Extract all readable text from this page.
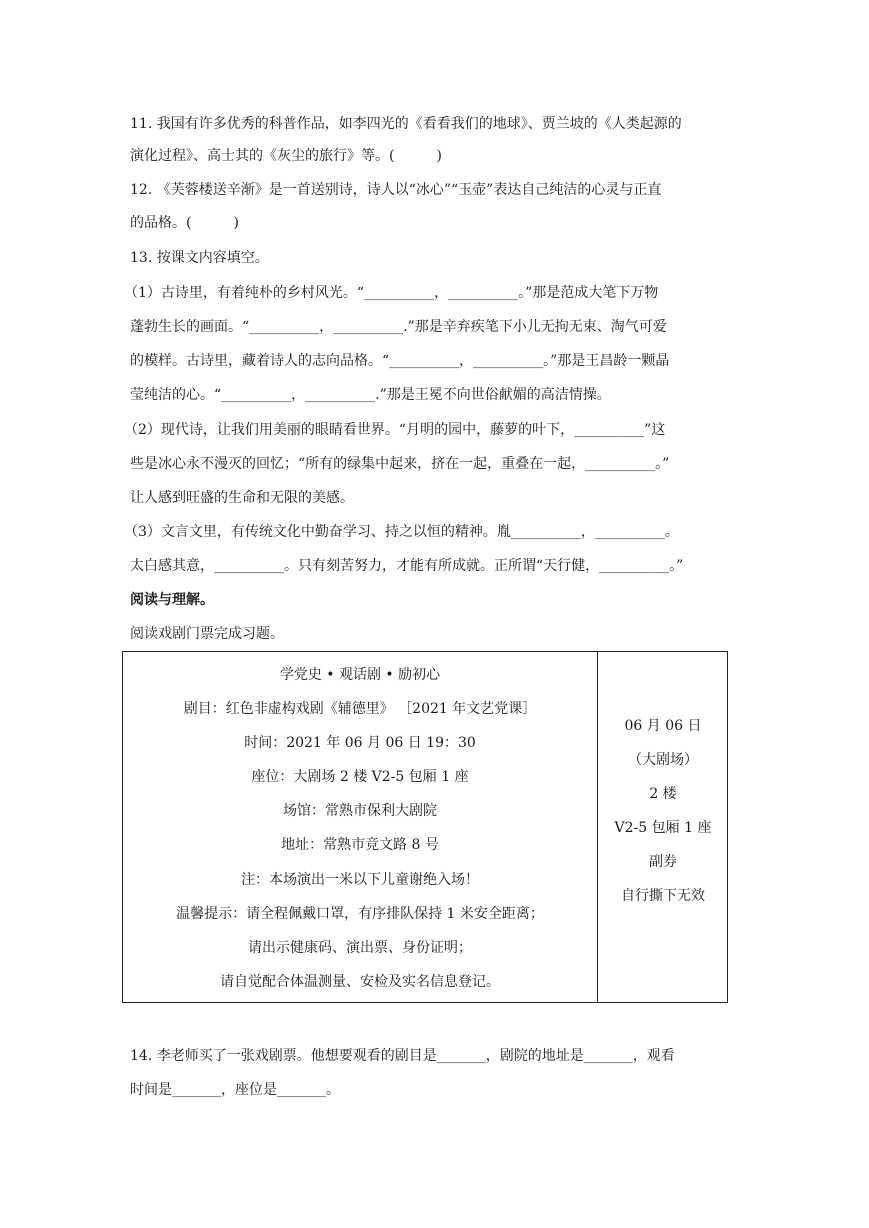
11. 我国有许多优秀的科普作品，如李四光的《看看我们的地球》、贾兰坡的《人类起源的
演化过程》、高士其的《灰尘的旅行》等。(　　　)
12. 《芙蓉楼送辛渐》是一首送别诗，诗人以“冰心”“玉壶”表达自己纯洁的心灵与正直
的品格。(　　　)
13. 按课文内容填空。
（1）古诗里，有着纯朴的乡村风光。“__________，__________。”那是范成大笔下万物
蓬勃生长的画面。“__________，__________.”那是辛弃疾笔下小儿无拘无束、淘气可爱
的模样。古诗里，藏着诗人的志向品格。“__________，__________。”那是王昌龄一颗晶
莹纯洁的心。“__________，__________.”那是王冕不向世俗献媚的高洁情操。
（2）现代诗，让我们用美丽的眼睛看世界。“月明的园中，藤萝的叶下，__________”这
些是冰心永不漫灭的回忆；“所有的绿集中起来，挤在一起，重叠在一起，__________。”
让人感到旺盛的生命和无限的美感。
（3）文言文里，有传统文化中勤奋学习、持之以恒的精神。胤__________，__________。
太白感其意，__________。只有刻苦努力，才能有所成就。正所谓“天行健，__________。”
阅读与理解。
阅读戏剧门票完成习题。
学党史 • 观话剧 • 励初心
剧目：红色非虚构戏剧《辅德里》 ［2021 年文艺党课］
时间：2021 年 06 月 06 日 19：30
座位：大剧场 2 楼 V2-5 包厢 1 座
场馆：常熟市保利大剧院
地址：常熟市竞文路 8 号
注：本场演出一米以下儿童谢绝入场！
温馨提示：请全程佩戴口罩，有序排队保持 1 米安全距离；
请出示健康码、演出票、身份证明；
请自觉配合体温测量、安检及实名信息登记。
06 月 06 日
（大剧场）
2 楼
V2-5 包厢 1 座
副券
自行撕下无效
14. 李老师买了一张戏剧票。他想要观看的剧目是_______，剧院的地址是_______，观看
时间是_______，座位是_______。
